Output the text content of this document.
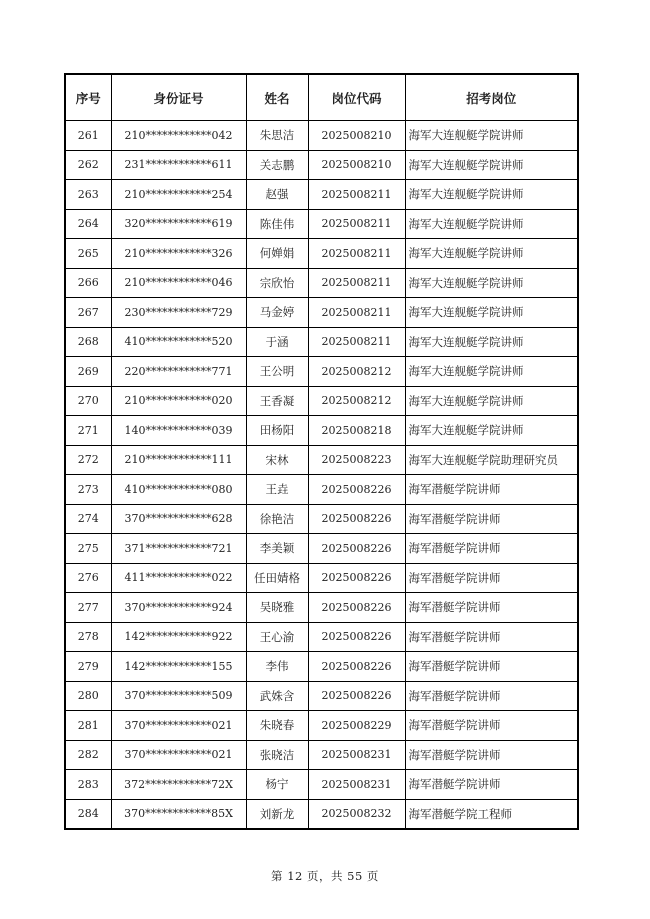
序号	身份证号	姓名	岗位代码	招考岗位
261	210************042	朱思洁	2025008210	海军大连舰艇学院讲师
262	231************611	关志鹏	2025008210	海军大连舰艇学院讲师
263	210************254	赵强	2025008211	海军大连舰艇学院讲师
264	320************619	陈佳伟	2025008211	海军大连舰艇学院讲师
265	210************326	何婵娟	2025008211	海军大连舰艇学院讲师
266	210************046	宗欣怡	2025008211	海军大连舰艇学院讲师
267	230************729	马金婷	2025008211	海军大连舰艇学院讲师
268	410************520	于涵	2025008211	海军大连舰艇学院讲师
269	220************771	王公明	2025008212	海军大连舰艇学院讲师
270	210************020	王香凝	2025008212	海军大连舰艇学院讲师
271	140************039	田杨阳	2025008218	海军大连舰艇学院讲师
272	210************111	宋林	2025008223	海军大连舰艇学院助理研究员
273	410************080	王垚	2025008226	海军潜艇学院讲师
274	370************628	徐艳洁	2025008226	海军潜艇学院讲师
275	371************721	李美颖	2025008226	海军潜艇学院讲师
276	411************022	任田婧格	2025008226	海军潜艇学院讲师
277	370************924	吴晓雅	2025008226	海军潜艇学院讲师
278	142************922	王心渝	2025008226	海军潜艇学院讲师
279	142************155	李伟	2025008226	海军潜艇学院讲师
280	370************509	武姝含	2025008226	海军潜艇学院讲师
281	370************021	朱晓春	2025008229	海军潜艇学院讲师
282	370************021	张晓洁	2025008231	海军潜艇学院讲师
283	372************72X	杨宁	2025008231	海军潜艇学院讲师
284	370************85X	刘新龙	2025008232	海军潜艇学院工程师
第 12 页，共 55 页
